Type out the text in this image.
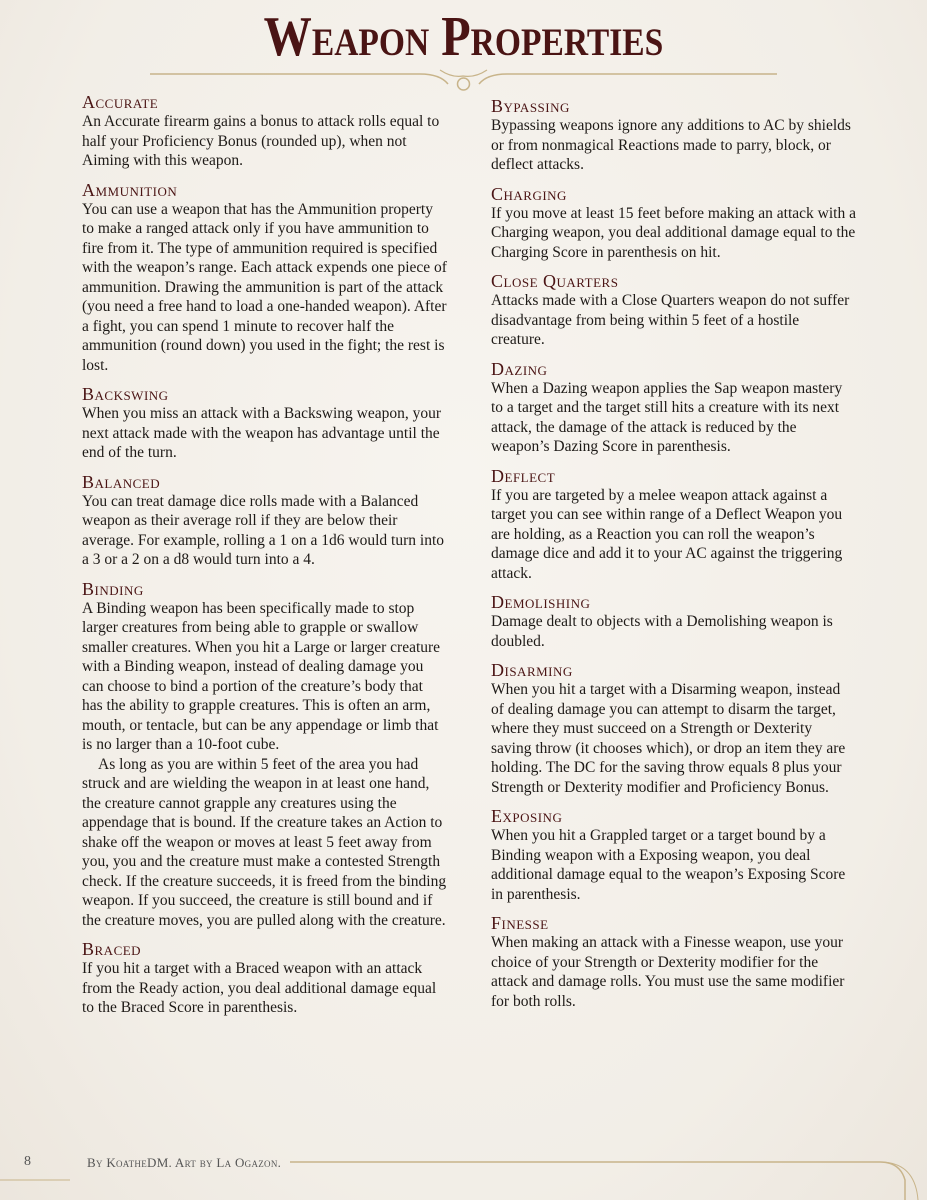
Weapon Properties

Accurate

An Accurate firearm gains a bonus to attack rolls equal to half your Proficiency Bonus (rounded up), when not Aiming with this weapon.

Ammunition

You can use a weapon that has the Ammunition property to make a ranged attack only if you have ammunition to fire from it. The type of ammunition required is specified with the weapon’s range. Each attack expends one piece of ammunition. Drawing the ammunition is part of the attack (you need a free hand to load a one-handed weapon). After a fight, you can spend 1 minute to recover half the ammunition (round down) you used in the fight; the rest is lost.

Backswing

When you miss an attack with a Backswing weapon, your next attack made with the weapon has advantage until the end of the turn.

Balanced

You can treat damage dice rolls made with a Balanced weapon as their average roll if they are below their average. For example, rolling a 1 on a 1d6 would turn into a 3 or a 2 on a d8 would turn into a 4.

Binding

A Binding weapon has been specifically made to stop larger creatures from being able to grapple or swallow smaller creatures. When you hit a Large or larger creature with a Binding weapon, instead of dealing damage you can choose to bind a portion of the creature’s body that has the ability to grapple creatures. This is often an arm, mouth, or tentacle, but can be any appendage or limb that is no larger than a 10-foot cube.

As long as you are within 5 feet of the area you had struck and are wielding the weapon in at least one hand, the creature cannot grapple any creatures using the appendage that is bound. If the creature takes an Action to shake off the weapon or moves at least 5 feet away from you, you and the creature must make a contested Strength check. If the creature succeeds, it is freed from the binding weapon. If you succeed, the creature is still bound and if the creature moves, you are pulled along with the creature.

Braced

If you hit a target with a Braced weapon with an attack from the Ready action, you deal additional damage equal to the Braced Score in parenthesis.

Bypassing

Bypassing weapons ignore any additions to AC by shields or from nonmagical Reactions made to parry, block, or deflect attacks.

Charging

If you move at least 15 feet before making an attack with a Charging weapon, you deal additional damage equal to the Charging Score in parenthesis on hit.

Close Quarters

Attacks made with a Close Quarters weapon do not suffer disadvantage from being within 5 feet of a hostile creature.

Dazing

When a Dazing weapon applies the Sap weapon mastery to a target and the target still hits a creature with its next attack, the damage of the attack is reduced by the weapon’s Dazing Score in parenthesis.

Deflect

If you are targeted by a melee weapon attack against a target you can see within range of a Deflect Weapon you are holding, as a Reaction you can roll the weapon’s damage dice and add it to your AC against the triggering attack.

Demolishing

Damage dealt to objects with a Demolishing weapon is doubled.

Disarming

When you hit a target with a Disarming weapon, instead of dealing damage you can attempt to disarm the target, where they must succeed on a Strength or Dexterity saving throw (it chooses which), or drop an item they are holding. The DC for the saving throw equals 8 plus your Strength or Dexterity modifier and Proficiency Bonus.

Exposing

When you hit a Grappled target or a target bound by a Binding weapon with a Exposing weapon, you deal additional damage equal to the weapon’s Exposing Score in parenthesis.

Finesse

When making an attack with a Finesse weapon, use your choice of your Strength or Dexterity modifier for the attack and damage rolls. You must use the same modifier for both rolls.

8	By KoatheDM. Art by La Ogazon.
